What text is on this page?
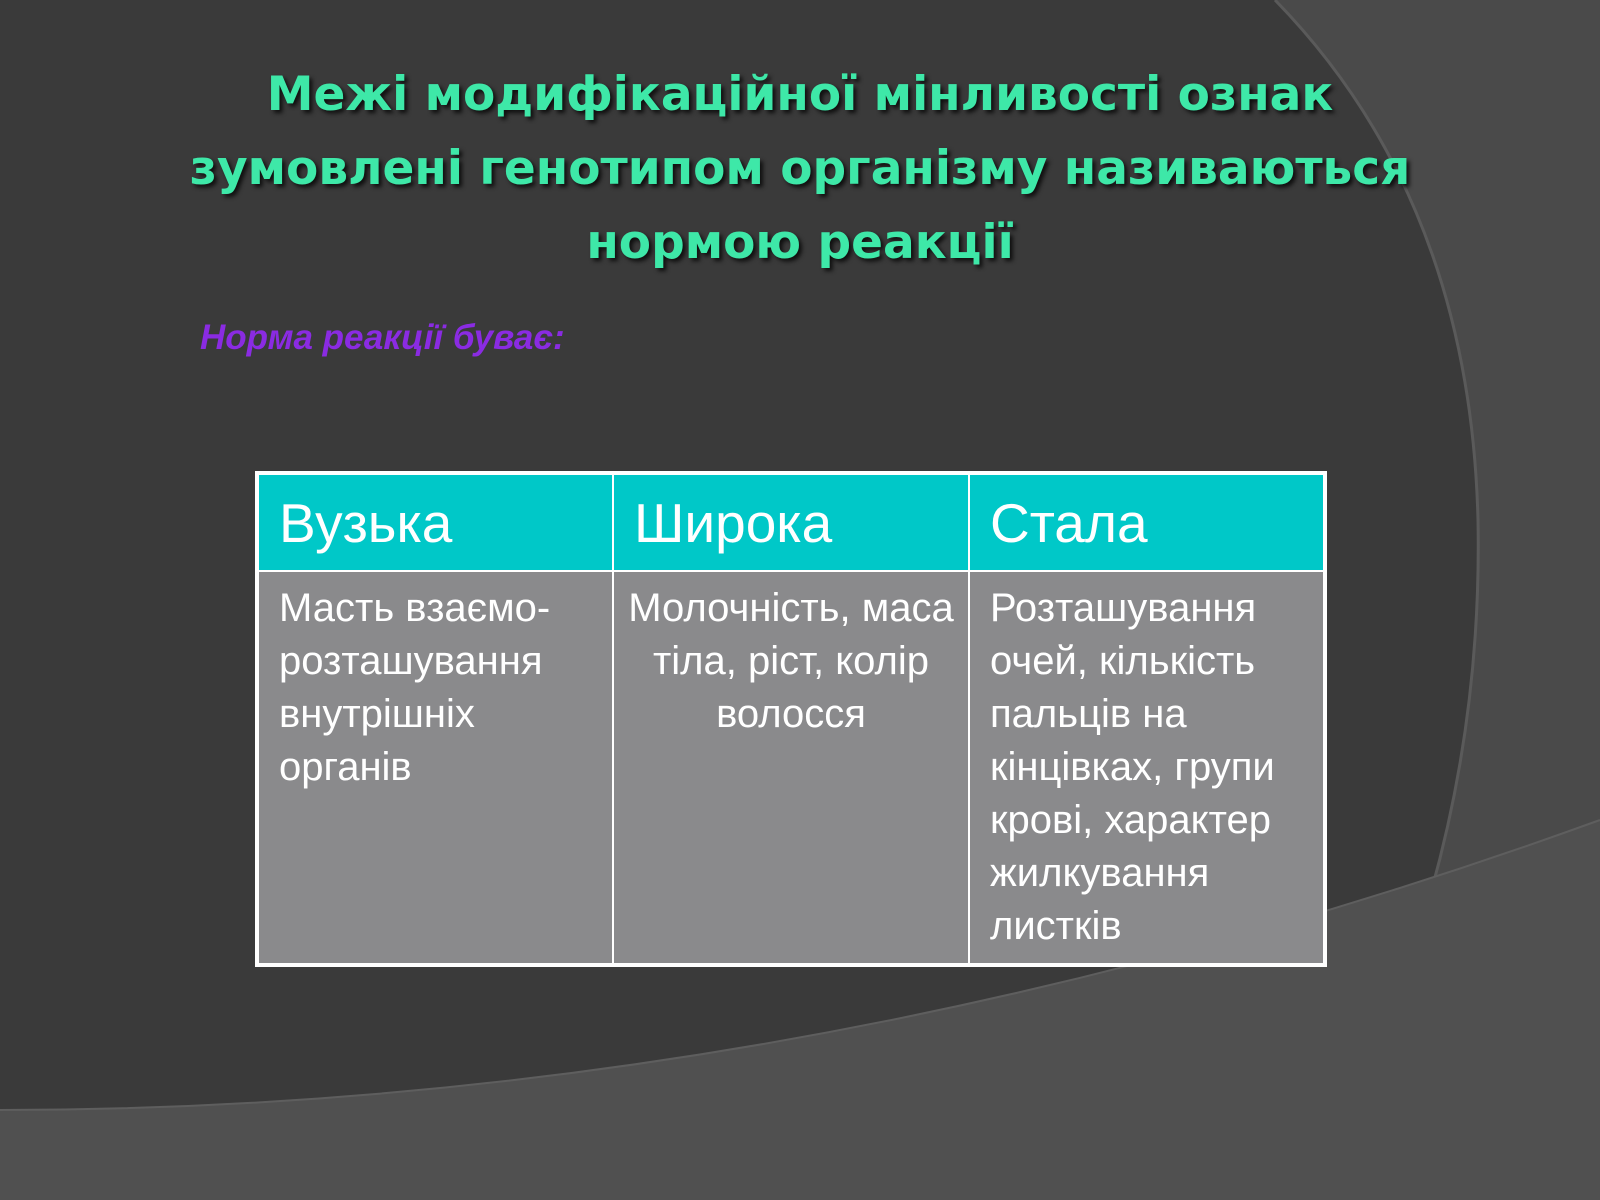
Межі модифікаційної мінливості ознак зумовлені генотипом організму називаються нормою реакції

Норма реакції буває:

Вузька	Широка	Стала
Масть взаємо-розташування внутрішніх органів	Молочність, маса тіла, ріст, колір волосся	Розташування очей, кількість пальців на кінцівках, групи крові, характер жилкування листків
